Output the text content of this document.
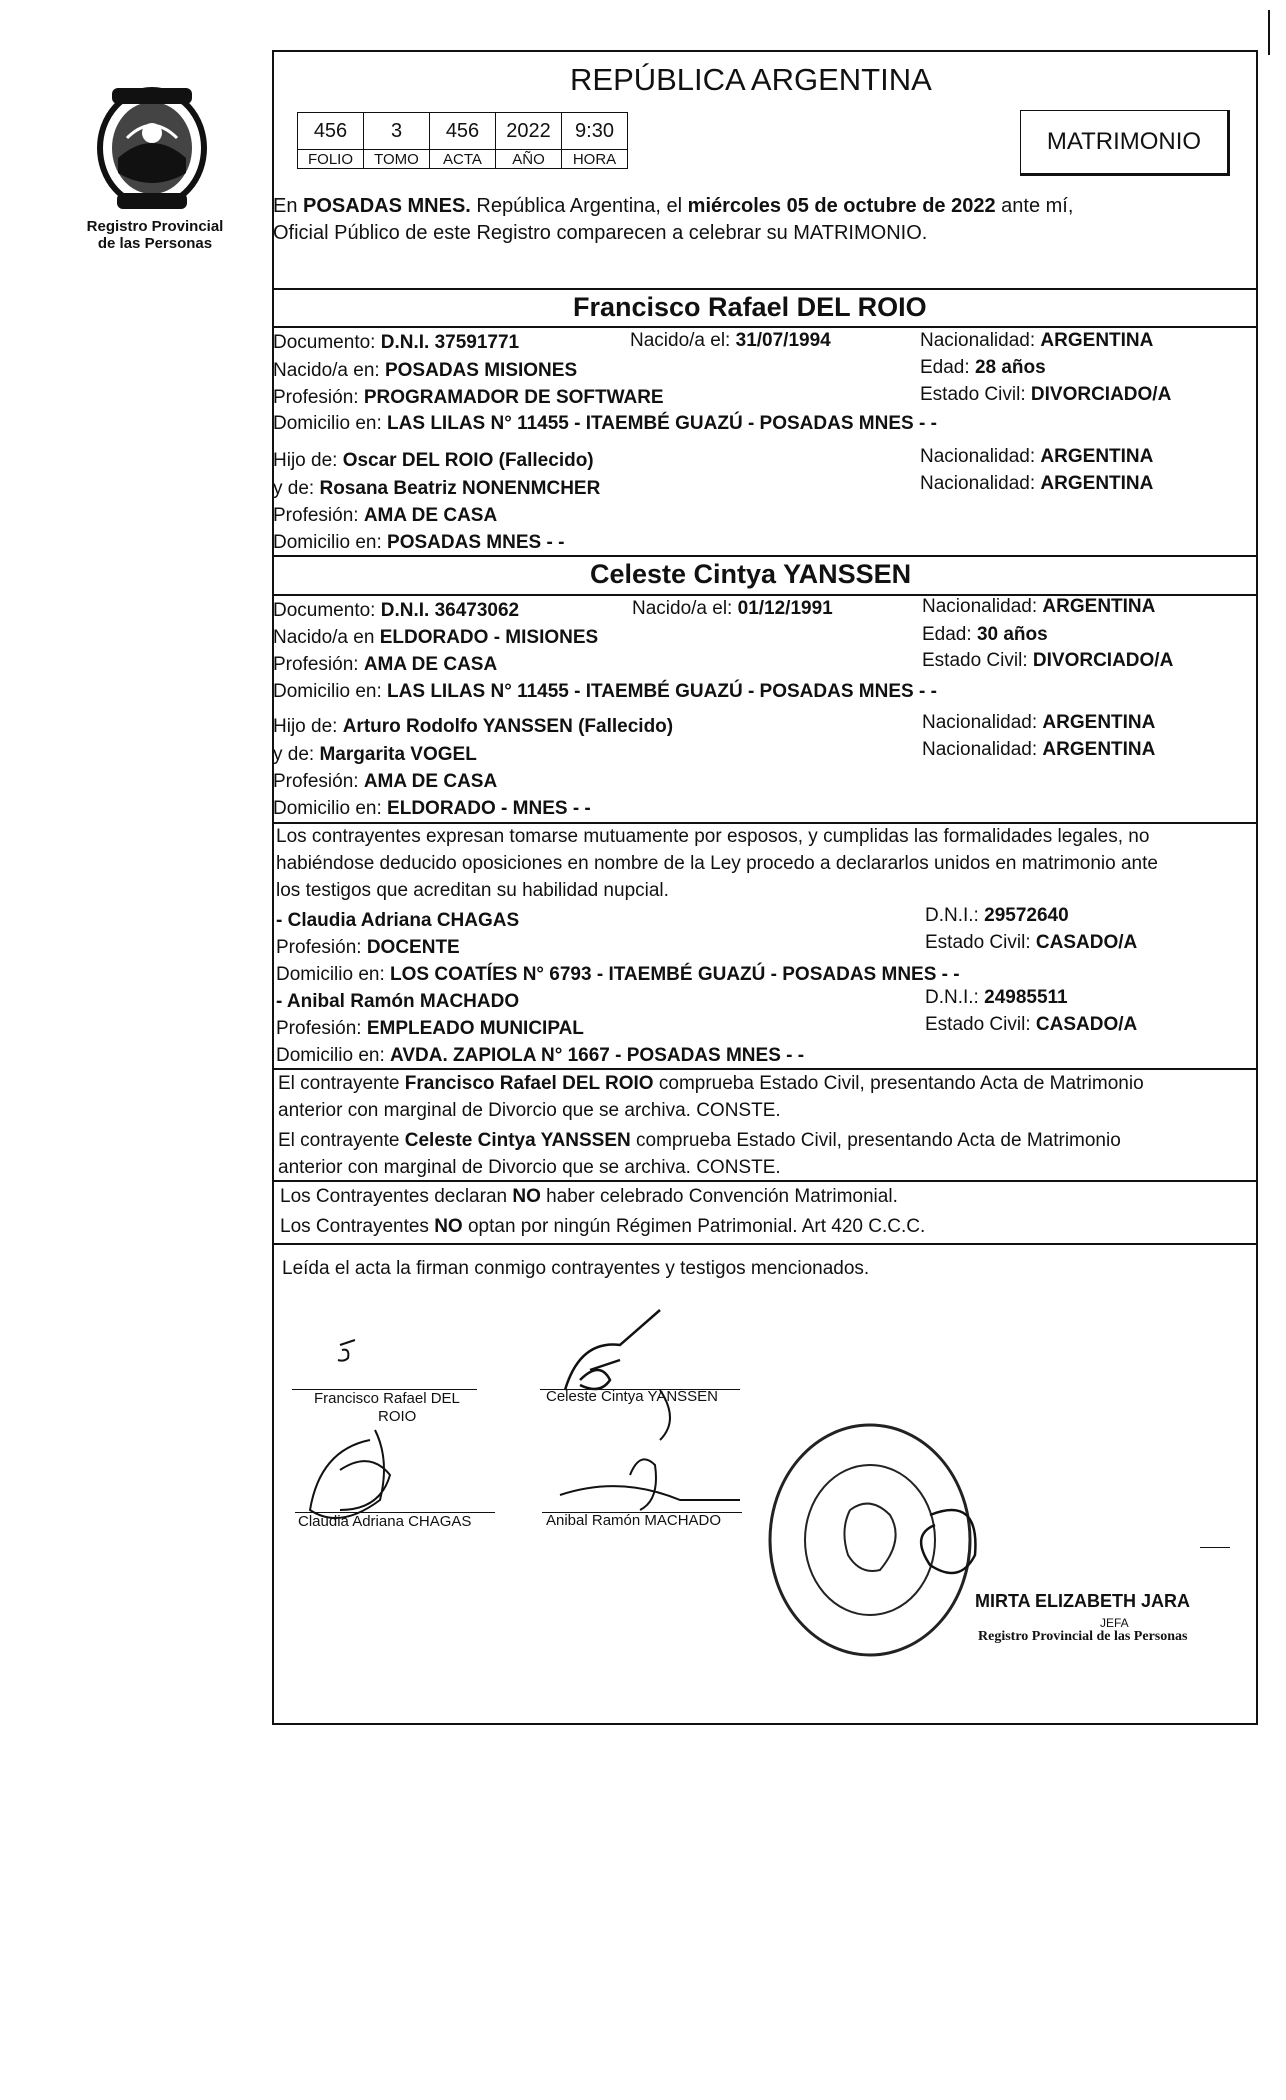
Registro Provincial
de las Personas
REPÚBLICA ARGENTINA
456	3	456	2022	9:30
FOLIO	TOMO	ACTA	AÑO	HORA
MATRIMONIO
En POSADAS MNES. República Argentina, el miércoles 05 de octubre de 2022 ante mí,
Oficial Público de este Registro comparecen a celebrar su MATRIMONIO.
Francisco Rafael DEL ROIO
Documento: D.N.I. 37591771	Nacido/a el: 31/07/1994	Nacionalidad: ARGENTINA
Nacido/a en: POSADAS MISIONES	Edad: 28 años
Profesión: PROGRAMADOR DE SOFTWARE	Estado Civil: DIVORCIADO/A
Domicilio en: LAS LILAS N° 11455 - ITAEMBÉ GUAZÚ - POSADAS MNES - -
Hijo de: Oscar DEL ROIO (Fallecido)	Nacionalidad: ARGENTINA
y de: Rosana Beatriz NONENMCHER	Nacionalidad: ARGENTINA
Profesión: AMA DE CASA
Domicilio en: POSADAS MNES - -
Celeste Cintya YANSSEN
Documento: D.N.I. 36473062	Nacido/a el: 01/12/1991	Nacionalidad: ARGENTINA
Nacido/a en ELDORADO - MISIONES	Edad: 30 años
Profesión: AMA DE CASA	Estado Civil: DIVORCIADO/A
Domicilio en: LAS LILAS N° 11455 - ITAEMBÉ GUAZÚ - POSADAS MNES - -
Hijo de: Arturo Rodolfo YANSSEN (Fallecido)	Nacionalidad: ARGENTINA
y de: Margarita VOGEL	Nacionalidad: ARGENTINA
Profesión: AMA DE CASA
Domicilio en: ELDORADO - MNES - -
Los contrayentes expresan tomarse mutuamente por esposos, y cumplidas las formalidades legales, no
habiéndose deducido oposiciones en nombre de la Ley procedo a declararlos unidos en matrimonio ante
los testigos que acreditan su habilidad nupcial.
- Claudia Adriana CHAGAS	D.N.I.: 29572640
Profesión: DOCENTE	Estado Civil: CASADO/A
Domicilio en: LOS COATÍES N° 6793 - ITAEMBÉ GUAZÚ - POSADAS MNES - -
- Anibal Ramón MACHADO	D.N.I.: 24985511
Profesión: EMPLEADO MUNICIPAL	Estado Civil: CASADO/A
Domicilio en: AVDA. ZAPIOLA N° 1667 - POSADAS MNES - -
El contrayente Francisco Rafael DEL ROIO comprueba Estado Civil, presentando Acta de Matrimonio
anterior con marginal de Divorcio que se archiva. CONSTE.
El contrayente Celeste Cintya YANSSEN comprueba Estado Civil, presentando Acta de Matrimonio
anterior con marginal de Divorcio que se archiva. CONSTE.
Los Contrayentes declaran NO haber celebrado Convención Matrimonial.
Los Contrayentes NO optan por ningún Régimen Patrimonial. Art 420 C.C.C.
Leída el acta la firman conmigo contrayentes y testigos mencionados.
Francisco Rafael DEL
ROIO
Celeste Cintya YANSSEN
Claudia Adriana CHAGAS	Anibal Ramón MACHADO
MIRTA ELIZABETH JARA
JEFA
Registro Provincial de las Personas
